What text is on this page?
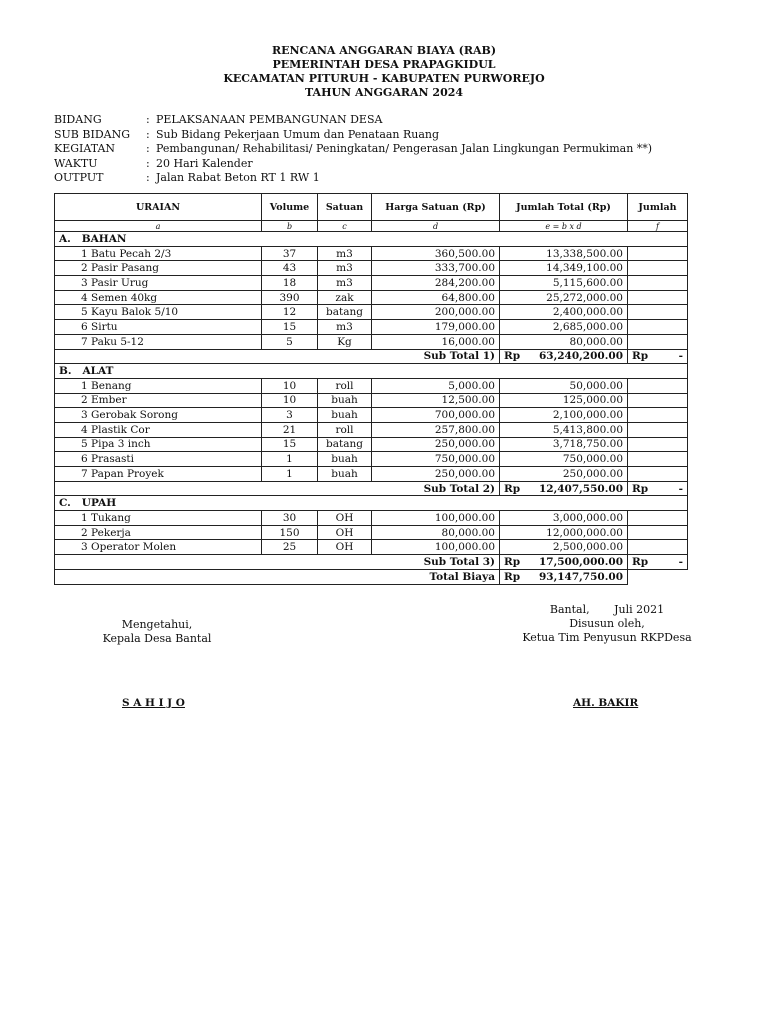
RENCANA ANGGARAN BIAYA (RAB)
PEMERINTAH DESA PRAPAGKIDUL
KECAMATAN PITURUH - KABUPATEN PURWOREJO
TAHUN ANGGARAN 2024
BIDANG	: PELAKSANAAN PEMBANGUNAN DESA
SUB BIDANG	: Sub Bidang Pekerjaan Umum dan Penataan Ruang
KEGIATAN	: Pembangunan/ Rehabilitasi/ Peningkatan/ Pengerasan Jalan Lingkungan Permukiman **)
WAKTU	: 20 Hari Kalender
OUTPUT	: Jalan Rabat Beton RT 1 RW 1
URAIAN	Volume	Satuan	Harga Satuan (Rp)	Jumlah Total (Rp)	Jumlah
a	b	c	d	e = b x d	f
A.   BAHAN					
1 Batu Pecah 2/3	37	m3	360,500.00	13,338,500.00	
2 Pasir Pasang	43	m3	333,700.00	14,349,100.00	
3 Pasir Urug	18	m3	284,200.00	5,115,600.00	
4 Semen 40kg	390	zak	64,800.00	25,272,000.00	
5 Kayu Balok 5/10	12	batang	200,000.00	2,400,000.00	
6 Sirtu	15	m3	179,000.00	2,685,000.00	
7 Paku 5-12	5	Kg	16,000.00	80,000.00	
Sub Total 1)				Rp 63,240,200.00	Rp -
B.   ALAT					
1 Benang	10	roll	5,000.00	50,000.00	
2 Ember	10	buah	12,500.00	125,000.00	
3 Gerobak Sorong	3	buah	700,000.00	2,100,000.00	
4 Plastik Cor	21	roll	257,800.00	5,413,800.00	
5 Pipa 3 inch	15	batang	250,000.00	3,718,750.00	
6 Prasasti	1	buah	750,000.00	750,000.00	
7 Papan Proyek	1	buah	250,000.00	250,000.00	
Sub Total 2)				Rp 12,407,550.00	Rp -
C.   UPAH					
1 Tukang	30	OH	100,000.00	3,000,000.00	
2 Pekerja	150	OH	80,000.00	12,000,000.00	
3 Operator Molen	25	OH	100,000.00	2,500,000.00	
Sub Total 3)				Rp 17,500,000.00	Rp -
Total Biaya				Rp 93,147,750.00	
Bantal,       Juli 2021
Disusun oleh,
Ketua Tim Penyusun RKPDesa
Mengetahui,
Kepala Desa Bantal
S A H I J O	AH. BAKIR
